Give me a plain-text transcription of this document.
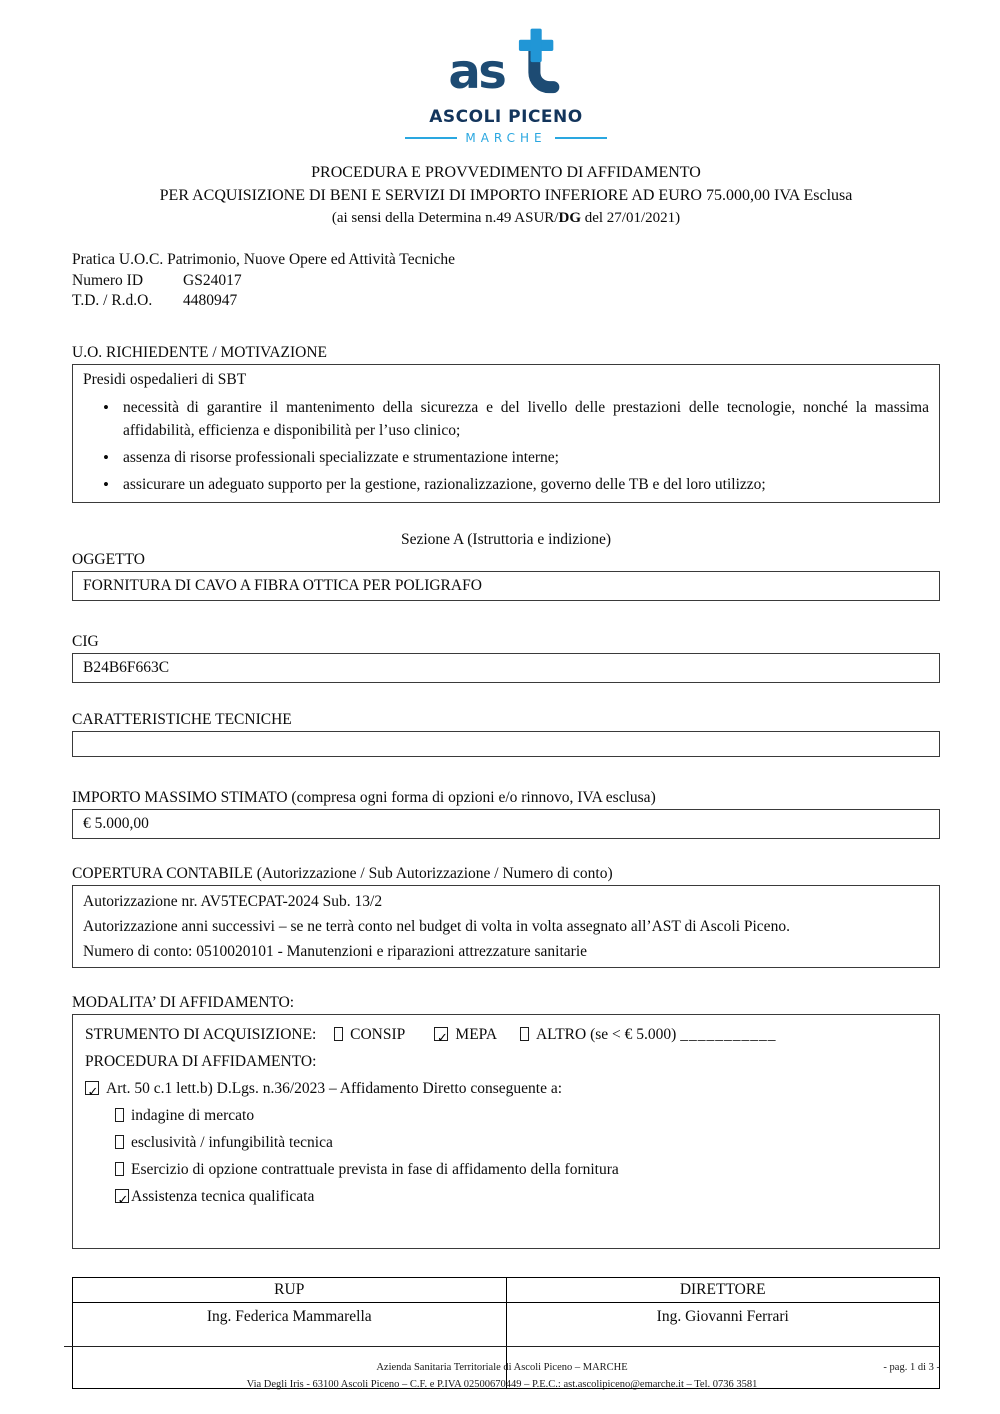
as
ASCOLI PICENO
MARCHE
PROCEDURA E PROVVEDIMENTO DI AFFIDAMENTO
PER ACQUISIZIONE DI BENI E SERVIZI DI IMPORTO INFERIORE AD EURO 75.000,00 IVA Esclusa
(ai sensi della Determina n.49 ASUR/DG del 27/01/2021)
Pratica U.O.C. Patrimonio, Nuove Opere ed Attività Tecniche
Numero ID	GS24017
T.D. / R.d.O.	4480947
U.O. RICHIEDENTE / MOTIVAZIONE
Presidi ospedalieri di SBT
• necessità di garantire il mantenimento della sicurezza e del livello delle prestazioni delle tecnologie, nonché la massima affidabilità, efficienza e disponibilità per l’uso clinico;
• assenza di risorse professionali specializzate e strumentazione interne;
• assicurare un adeguato supporto per la gestione, razionalizzazione, governo delle TB e del loro utilizzo;
Sezione A (Istruttoria e indizione)
OGGETTO
FORNITURA DI CAVO A FIBRA OTTICA PER POLIGRAFO
CIG
B24B6F663C
CARATTERISTICHE TECNICHE
IMPORTO MASSIMO STIMATO (compresa ogni forma di opzioni e/o rinnovo, IVA esclusa)
€ 5.000,00
COPERTURA CONTABILE (Autorizzazione / Sub Autorizzazione / Numero di conto)
Autorizzazione nr. AV5TECPAT-2024 Sub. 13/2
Autorizzazione anni successivi – se ne terrà conto nel budget di volta in volta assegnato all’AST di Ascoli Piceno.
Numero di conto: 0510020101 - Manutenzioni e riparazioni attrezzature sanitarie
MODALITA’ DI AFFIDAMENTO:
STRUMENTO DI ACQUISIZIONE: CONSIP ✓	MEPA	ALTRO (se < € 5.000) ___________
PROCEDURA DI AFFIDAMENTO:
✓Art. 50 c.1 lett.b) D.Lgs. n.36/2023 – Affidamento Diretto conseguente a:
indagine di mercato
esclusività / infungibilità tecnica
Esercizio di opzione contrattuale prevista in fase di affidamento della fornitura
✓Assistenza tecnica qualificata
RUP	DIRETTORE
Ing. Federica Mammarella	Ing. Giovanni Ferrari
Azienda Sanitaria Territoriale di Ascoli Piceno – MARCHE
Via Degli Iris - 63100 Ascoli Piceno – C.F. e P.IVA 02500670449 – P.E.C.: ast.ascolipiceno@emarche.it – Tel. 0736 3581
- pag. 1 di 3 -
